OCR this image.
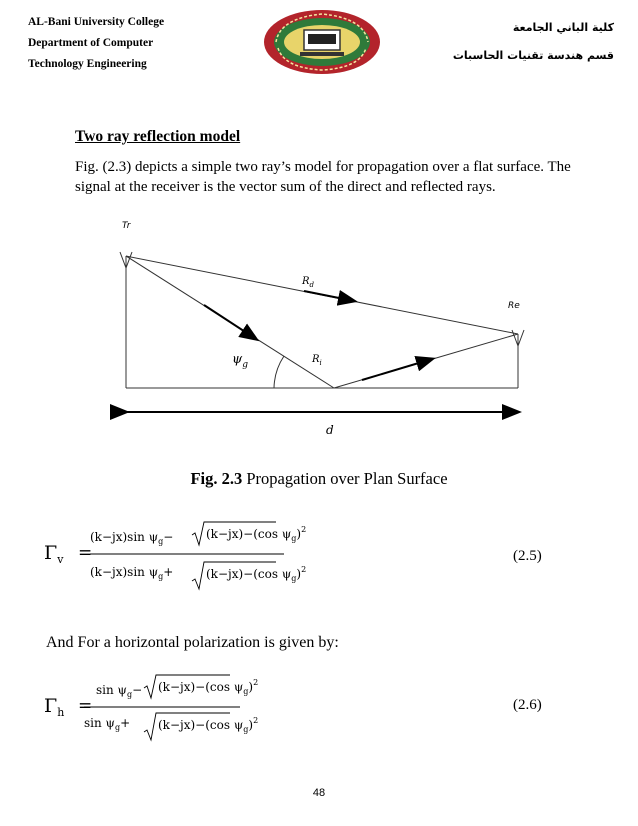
AL-Bani University College
Department of Computer
Technology Engineering
كلية الباني الجامعة
قسم هندسة تقنيات الحاسبات
Two ray reflection model
Fig. (2.3) depicts a simple two ray’s model for propagation over a flat surface. The signal at the receiver is the vector sum of the direct and reflected rays.
Tr
Re
$R_d$
$R_i$
$\psi_g$
d
Fig. 2.3 Propagation over Plan Surface
$\Gamma_v$ =
(k−jx)sin $\psi_g-$	(k−jx)−(cos $\psi_g)^2$
(k−jx)sin $\psi_g+$	(k−jx)−(cos $\psi_g)^2$
(2.5)
And For a horizontal polarization is given by:
$\Gamma_h$ =
$\sin \psi_g- (k-jx)-(\cos$ $\psi_g)^2$
$\sin \psi_g+ (k-jx)-(\cos$ $\psi_g)^2$
(2.6)
48
